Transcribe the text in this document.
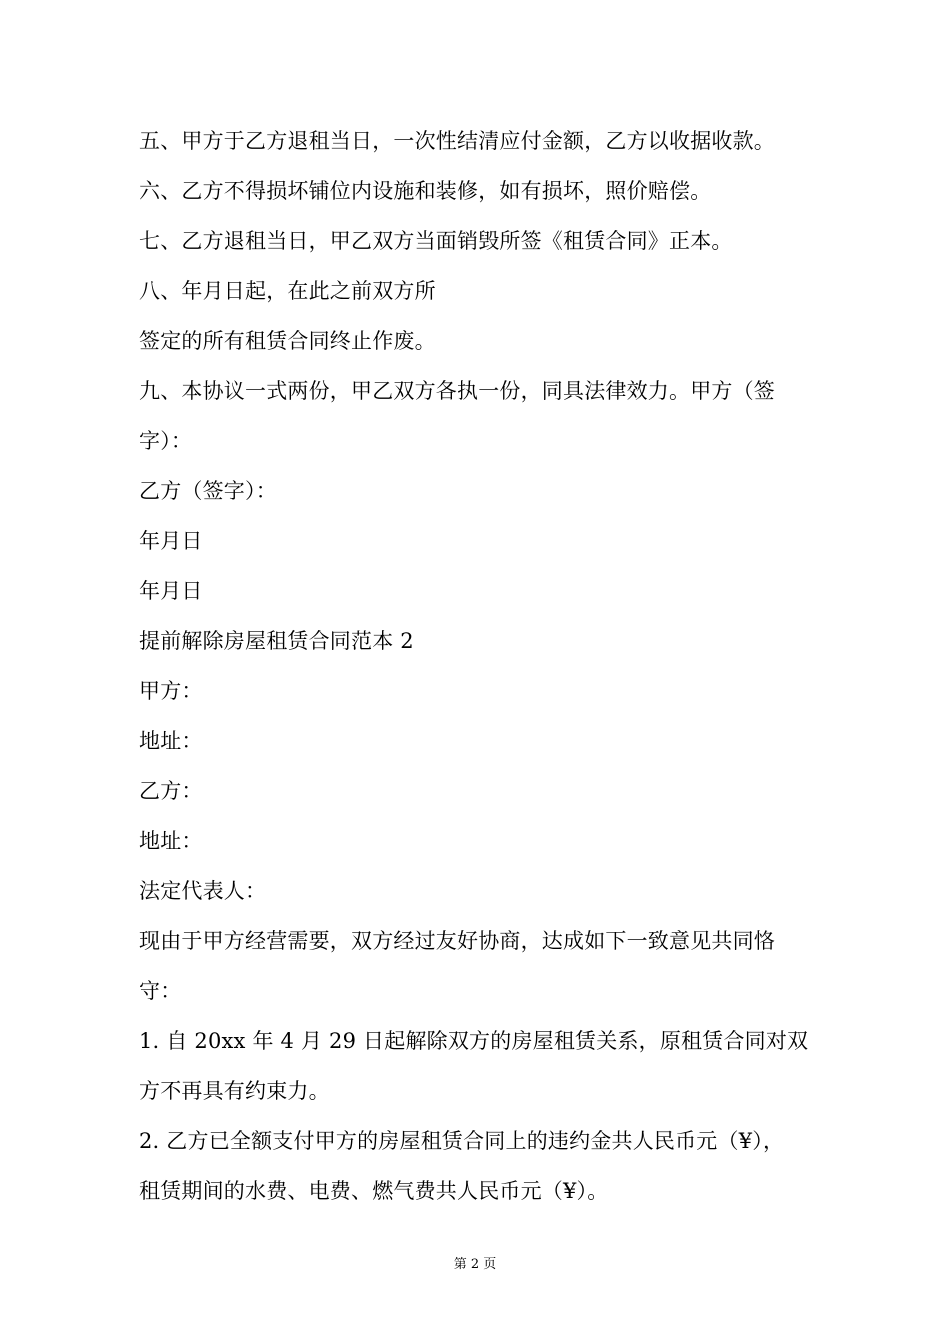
五、甲方于乙方退租当日，一次性结清应付金额，乙方以收据收款。
六、乙方不得损坏铺位内设施和装修，如有损坏，照价赔偿。
七、乙方退租当日，甲乙双方当面销毁所签《租赁合同》正本。
八、年月日起，在此之前双方所
签定的所有租赁合同终止作废。
九、本协议一式两份，甲乙双方各执一份，同具法律效力。甲方（签
字）：
乙方（签字）：
年月日
年月日
提前解除房屋租赁合同范本 2
甲方：
地址：
乙方：
地址：
法定代表人：
现由于甲方经营需要，双方经过友好协商，达成如下一致意见共同恪
守：
1. 自 20xx 年 4 月 29 日起解除双方的房屋租赁关系，原租赁合同对双
方不再具有约束力。
2. 乙方已全额支付甲方的房屋租赁合同上的违约金共人民币元（¥），
租赁期间的水费、电费、燃气费共人民币元（¥）。
第 2 页
